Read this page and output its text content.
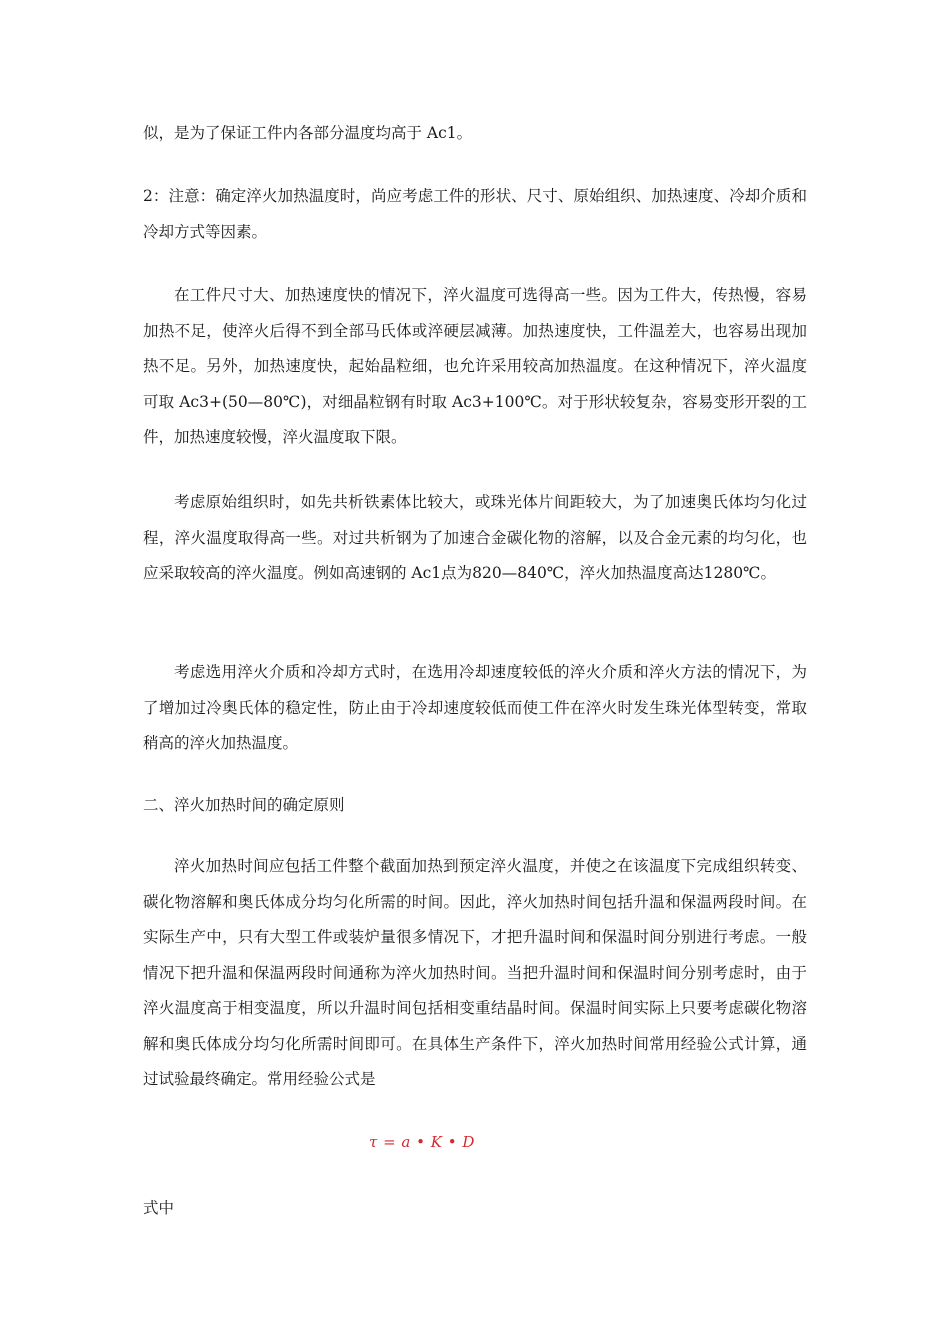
似，是为了保证工件内各部分温度均高于 Ac1。

2：注意：确定淬火加热温度时，尚应考虑工件的形状、尺寸、原始组织、加热速度、冷却介质和冷却方式等因素。

在工件尺寸大、加热速度快的情况下，淬火温度可选得高一些。因为工件大，传热慢，容易加热不足，使淬火后得不到全部马氏体或淬硬层减薄。加热速度快，工件温差大，也容易出现加热不足。另外，加热速度快，起始晶粒细，也允许采用较高加热温度。在这种情况下，淬火温度可取 Ac3+(50—80℃)，对细晶粒钢有时取 Ac3+100℃。对于形状较复杂，容易变形开裂的工件，加热速度较慢，淬火温度取下限。

考虑原始组织时，如先共析铁素体比较大，或珠光体片间距较大，为了加速奥氏体均匀化过程，淬火温度取得高一些。对过共析钢为了加速合金碳化物的溶解，以及合金元素的均匀化，也应采取较高的淬火温度。例如高速钢的 Ac1点为820—840℃，淬火加热温度高达1280℃。

考虑选用淬火介质和冷却方式时，在选用冷却速度较低的淬火介质和淬火方法的情况下，为了增加过冷奥氏体的稳定性，防止由于冷却速度较低而使工件在淬火时发生珠光体型转变，常取稍高的淬火加热温度。

二、淬火加热时间的确定原则

淬火加热时间应包括工件整个截面加热到预定淬火温度，并使之在该温度下完成组织转变、碳化物溶解和奥氏体成分均匀化所需的时间。因此，淬火加热时间包括升温和保温两段时间。在实际生产中，只有大型工件或装炉量很多情况下，才把升温时间和保温时间分别进行考虑。一般情况下把升温和保温两段时间通称为淬火加热时间。当把升温时间和保温时间分别考虑时，由于淬火温度高于相变温度，所以升温时间包括相变重结晶时间。保温时间实际上只要考虑碳化物溶解和奥氏体成分均匀化所需时间即可。在具体生产条件下，淬火加热时间常用经验公式计算，通过试验最终确定。常用经验公式是

τ = a • K • D

式中
